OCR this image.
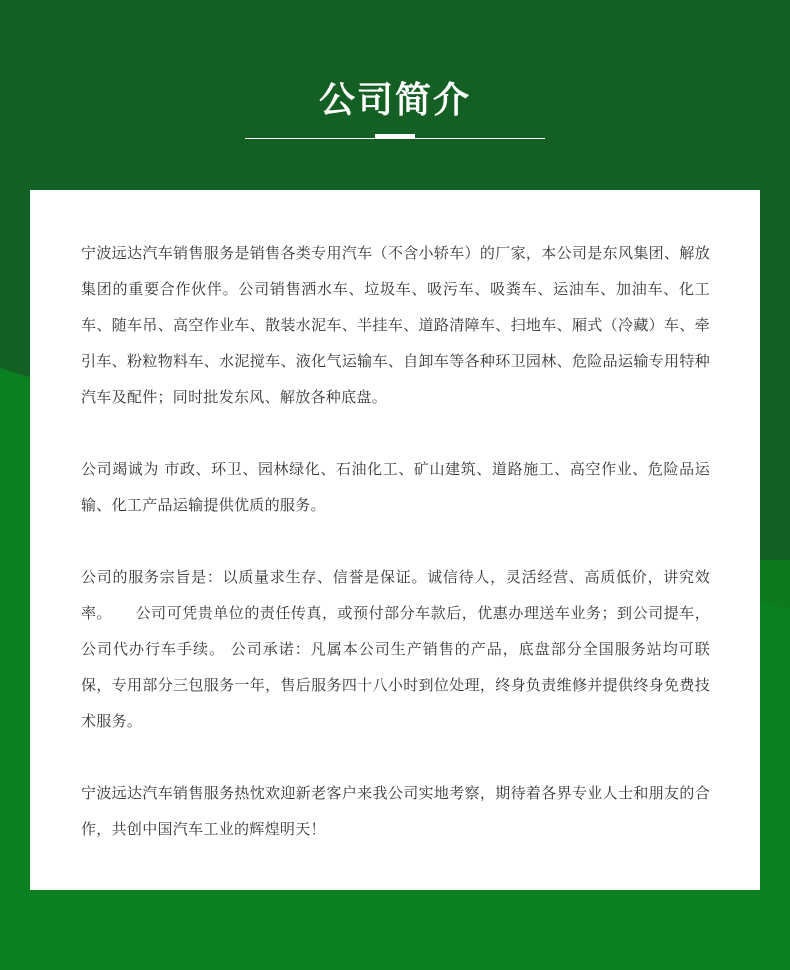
公司简介

宁波远达汽车销售服务是销售各类专用汽车（不含小轿车）的厂家，本公司是东风集团、解放集团的重要合作伙伴。公司销售洒水车、垃圾车、吸污车、吸粪车、运油车、加油车、化工车、随车吊、高空作业车、散装水泥车、半挂车、道路清障车、扫地车、厢式（冷藏）车、牵引车、粉粒物料车、水泥搅车、液化气运输车、自卸车等各种环卫园林、危险品运输专用特种汽车及配件；同时批发东风、解放各种底盘。

公司竭诚为 市政、环卫、园林绿化、石油化工、矿山建筑、道路施工、高空作业、危险品运输、化工产品运输提供优质的服务。

公司的服务宗旨是：以质量求生存、信誉是保证。诚信待人，灵活经营、高质低价，讲究效率。　　公司可凭贵单位的责任传真，或预付部分车款后，优惠办理送车业务；到公司提车，公司代办行车手续。 公司承诺：凡属本公司生产销售的产品，底盘部分全国服务站均可联保，专用部分三包服务一年，售后服务四十八小时到位处理，终身负责维修并提供终身免费技术服务。

宁波远达汽车销售服务热忱欢迎新老客户来我公司实地考察，期待着各界专业人士和朋友的合作，共创中国汽车工业的辉煌明天！
